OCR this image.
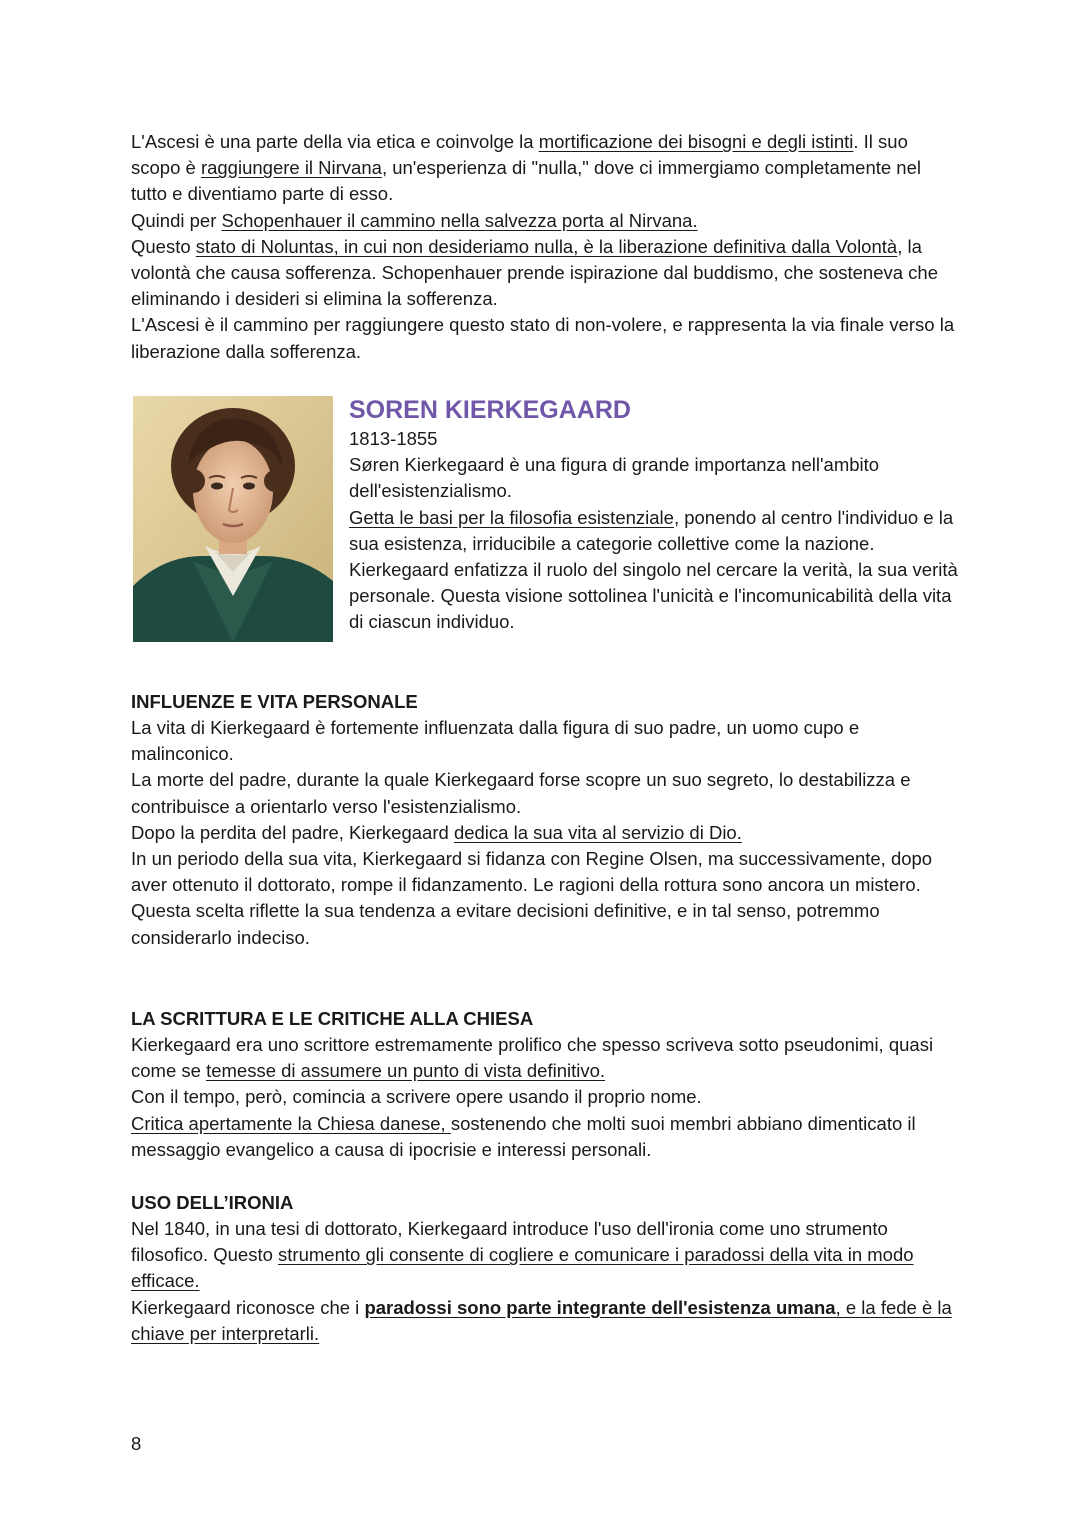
L'Ascesi è una parte della via etica e coinvolge la mortificazione dei bisogni e degli istinti. Il suo scopo è raggiungere il Nirvana, un'esperienza di "nulla," dove ci immergiamo completamente nel tutto e diventiamo parte di esso.

Quindi per Schopenhauer il cammino nella salvezza porta al Nirvana.

Questo stato di Noluntas, in cui non desideriamo nulla, è la liberazione definitiva dalla Volontà, la volontà che causa sofferenza. Schopenhauer prende ispirazione dal buddismo, che sosteneva che eliminando i desideri si elimina la sofferenza.

L'Ascesi è il cammino per raggiungere questo stato di non-volere, e rappresenta la via finale verso la liberazione dalla sofferenza.

SOREN KIERKEGAARD

1813-1855

Søren Kierkegaard è una figura di grande importanza nell'ambito dell'esistenzialismo.

Getta le basi per la filosofia esistenziale, ponendo al centro l'individuo e la sua esistenza, irriducibile a categorie collettive come la nazione.

Kierkegaard enfatizza il ruolo del singolo nel cercare la verità, la sua verità personale. Questa visione sottolinea l'unicità e l'incomunicabilità della vita di ciascun individuo.

INFLUENZE E VITA PERSONALE

La vita di Kierkegaard è fortemente influenzata dalla figura di suo padre, un uomo cupo e malinconico.

La morte del padre, durante la quale Kierkegaard forse scopre un suo segreto, lo destabilizza e contribuisce a orientarlo verso l'esistenzialismo.

Dopo la perdita del padre, Kierkegaard dedica la sua vita al servizio di Dio.

In un periodo della sua vita, Kierkegaard si fidanza con Regine Olsen, ma successivamente, dopo aver ottenuto il dottorato, rompe il fidanzamento. Le ragioni della rottura sono ancora un mistero.

Questa scelta riflette la sua tendenza a evitare decisioni definitive, e in tal senso, potremmo considerarlo indeciso.

LA SCRITTURA E LE CRITICHE ALLA CHIESA

Kierkegaard era uno scrittore estremamente prolifico che spesso scriveva sotto pseudonimi, quasi come se temesse di assumere un punto di vista definitivo.

Con il tempo, però, comincia a scrivere opere usando il proprio nome.

Critica apertamente la Chiesa danese, sostenendo che molti suoi membri abbiano dimenticato il messaggio evangelico a causa di ipocrisie e interessi personali.

USO DELL’IRONIA

Nel 1840, in una tesi di dottorato, Kierkegaard introduce l'uso dell'ironia come uno strumento filosofico. Questo strumento gli consente di cogliere e comunicare i paradossi della vita in modo efficace.

Kierkegaard riconosce che i paradossi sono parte integrante dell'esistenza umana, e la fede è la chiave per interpretarli.

8
